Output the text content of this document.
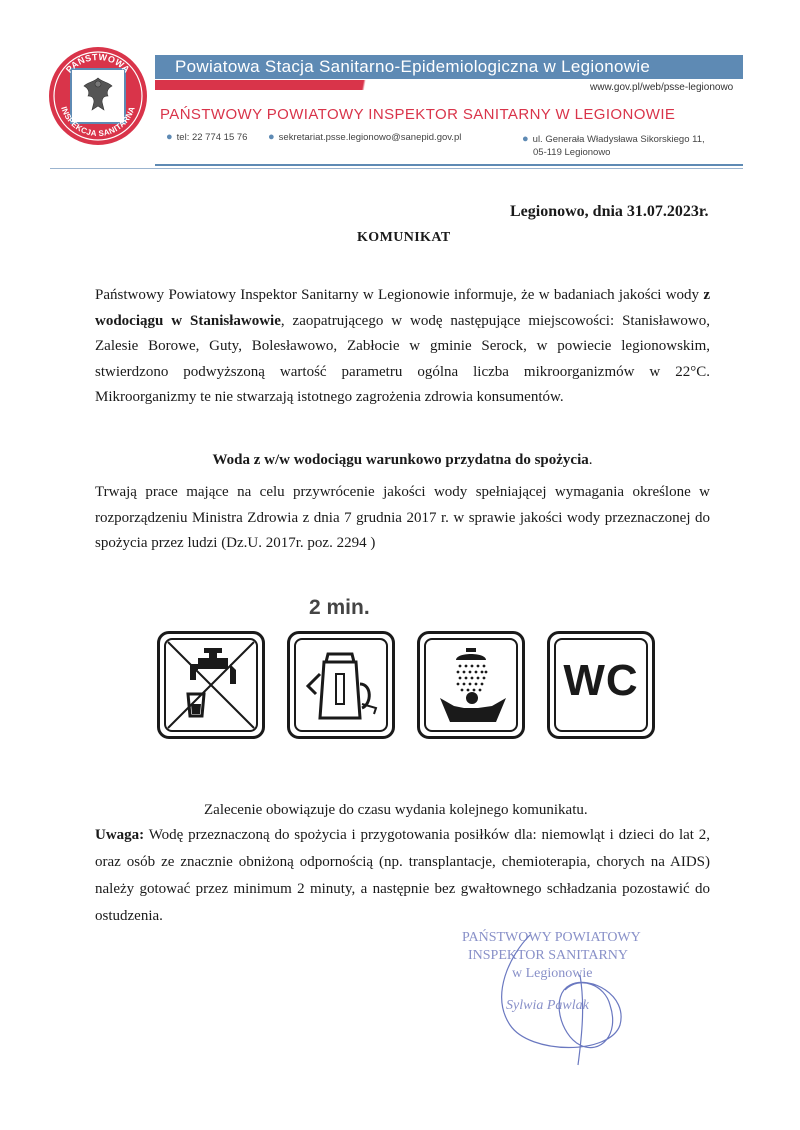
PAŃSTWOWA
INSPEKCJA SANITARNA
Powiatowa Stacja Sanitarno-Epidemiologiczna w Legionowie
www.gov.pl/web/psse-legionowo
PAŃSTWOWY POWIATOWY INSPEKTOR SANITARNY W LEGIONOWIE
● tel: 22 774 15 76 ● sekretariat.psse.legionowo@sanepid.gov.pl	● ul. Generała Władysława Sikorskiego 11,
05-119 Legionowo
Legionowo, dnia 31.07.2023r.
KOMUNIKAT

Państwowy Powiatowy Inspektor Sanitarny w Legionowie informuje, że w badaniach jakości wody z wodociągu w Stanisławowie, zaopatrującego w wodę następujące miejscowości: Stanisławowo, Zalesie Borowe, Guty, Bolesławowo, Zabłocie w gminie Serock, w powiecie legionowskim, stwierdzono podwyższoną wartość parametru ogólna liczba mikroorganizmów w 22°C. Mikroorganizmy te nie stwarzają istotnego zagrożenia zdrowia konsumentów.

Woda z w/w wodociągu warunkowo przydatna do spożycia.
Trwają prace mające na celu przywrócenie jakości wody spełniającej wymagania określone w rozporządzeniu Ministra Zdrowia z dnia 7 grudnia 2017 r. w sprawie jakości wody przeznaczonej do spożycia przez ludzi (Dz.U. 2017r. poz. 2294 )
2 min.
WC
Zalecenie obowiązuje do czasu wydania kolejnego komunikatu.
Uwaga: Wodę przeznaczoną do spożycia i przygotowania posiłków dla: niemowląt i dzieci do lat 2, oraz osób ze znacznie obniżoną odpornością (np. transplantacje, chemioterapia, chorych na AIDS) należy gotować przez minimum 2 minuty, a następnie bez gwałtownego schładzania pozostawić do ostudzenia.
PAŃSTWOWY POWIATOWY
INSPEKTOR SANITARNY
w Legionowie
Sylwia Pawlak
